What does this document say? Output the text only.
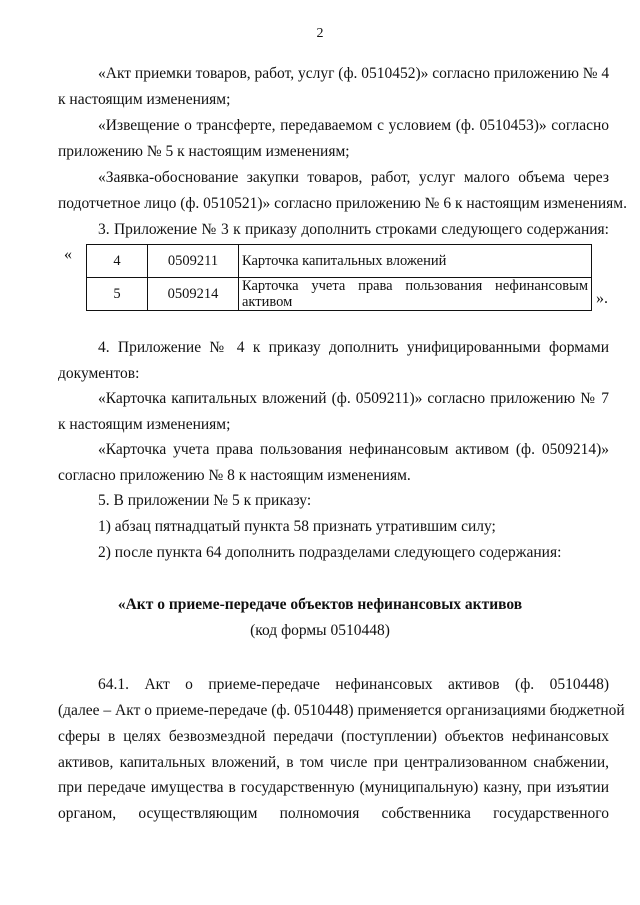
2
«Акт приемки товаров, работ, услуг (ф. 0510452)» согласно приложению № 4
к настоящим изменениям;
«Извещение о трансферте, передаваемом с условием (ф. 0510453)» согласно
приложению № 5 к настоящим изменениям;
«Заявка-обоснование закупки товаров, работ, услуг малого объема через
подотчетное лицо (ф. 0510521)» согласно приложению № 6 к настоящим изменениям.
3. Приложение № 3 к приказу дополнить строками следующего содержания:
«	4	0509211	Карточка капитальных вложений

5	0509214	Карточка учета права пользования нефинансовым
активом	».
4. Приложение № 4 к приказу дополнить унифицированными формами
документов:
«Карточка капитальных вложений (ф. 0509211)» согласно приложению № 7
к настоящим изменениям;
«Карточка учета права пользования нефинансовым активом (ф. 0509214)»
согласно приложению № 8 к настоящим изменениям.
5. В приложении № 5 к приказу:
1) абзац пятнадцатый пункта 58 признать утратившим силу;
2) после пункта 64 дополнить подразделами следующего содержания:
«Акт о приеме-передаче объектов нефинансовых активов
(код формы 0510448)
64.1. Акт о приеме-передаче нефинансовых активов (ф. 0510448)
(далее – Акт о приеме-передаче (ф. 0510448) применяется организациями бюджетной
сферы в целях безвозмездной передачи (поступлении) объектов нефинансовых
активов, капитальных вложений, в том числе при централизованном снабжении,
при передаче имущества в государственную (муниципальную) казну, при изъятии
органом, осуществляющим полномочия собственника государственного
